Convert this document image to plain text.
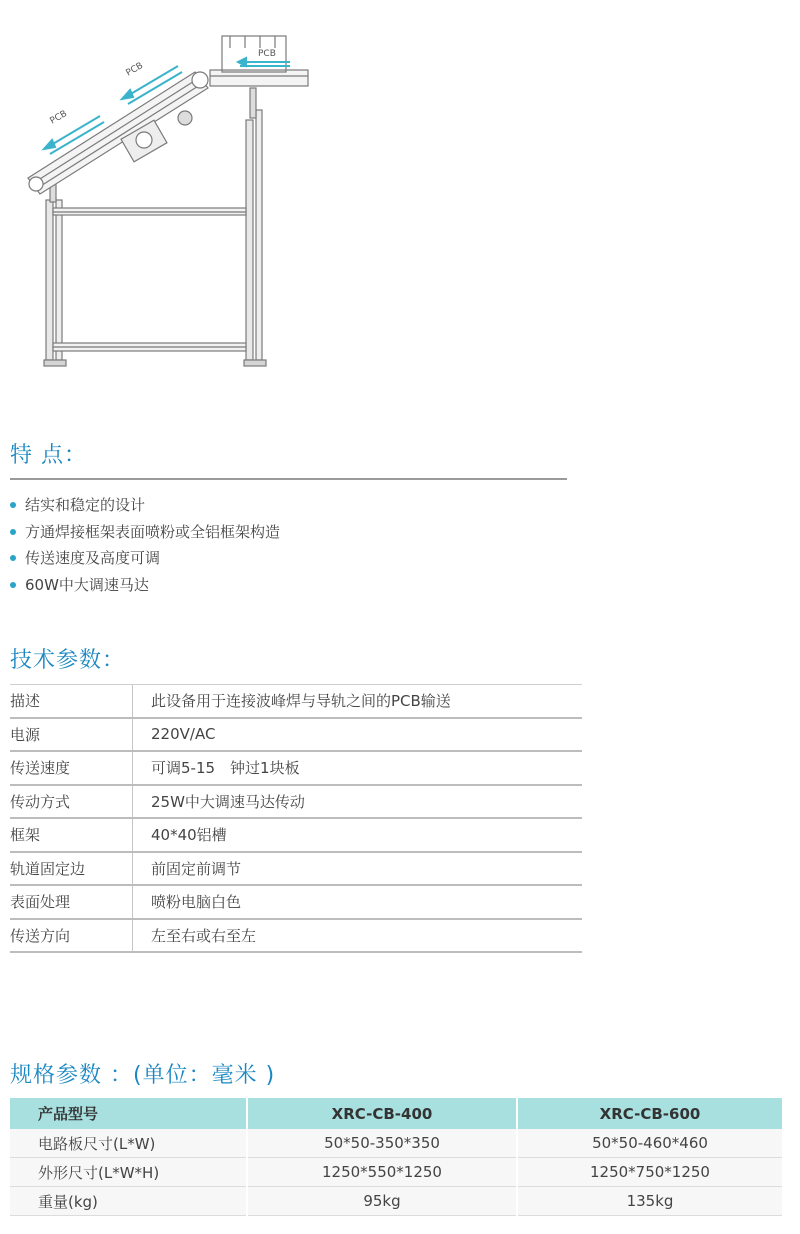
PCB
PCB
PCB
特 点：
结实和稳定的设计
方通焊接框架表面喷粉或全铝框架构造
传送速度及高度可调
60W中大调速马达
技术参数：
描述	此设备用于连接波峰焊与导轨之间的PCB输送
电源	220V/AC
传送速度	可调5-15　钟过1块板
传动方式	25W中大调速马达传动
框架	40*40铝槽
轨道固定边	前固定前调节
表面处理	喷粉电脑白色
传送方向	左至右或右至左
规格参数 ：(单位：毫米 )
产品型号	XRC-CB-400	XRC-CB-600
电路板尺寸(L*W)	50*50-350*350	50*50-460*460
外形尺寸(L*W*H)	1250*550*1250	1250*750*1250
重量(kg)	95kg	135kg
